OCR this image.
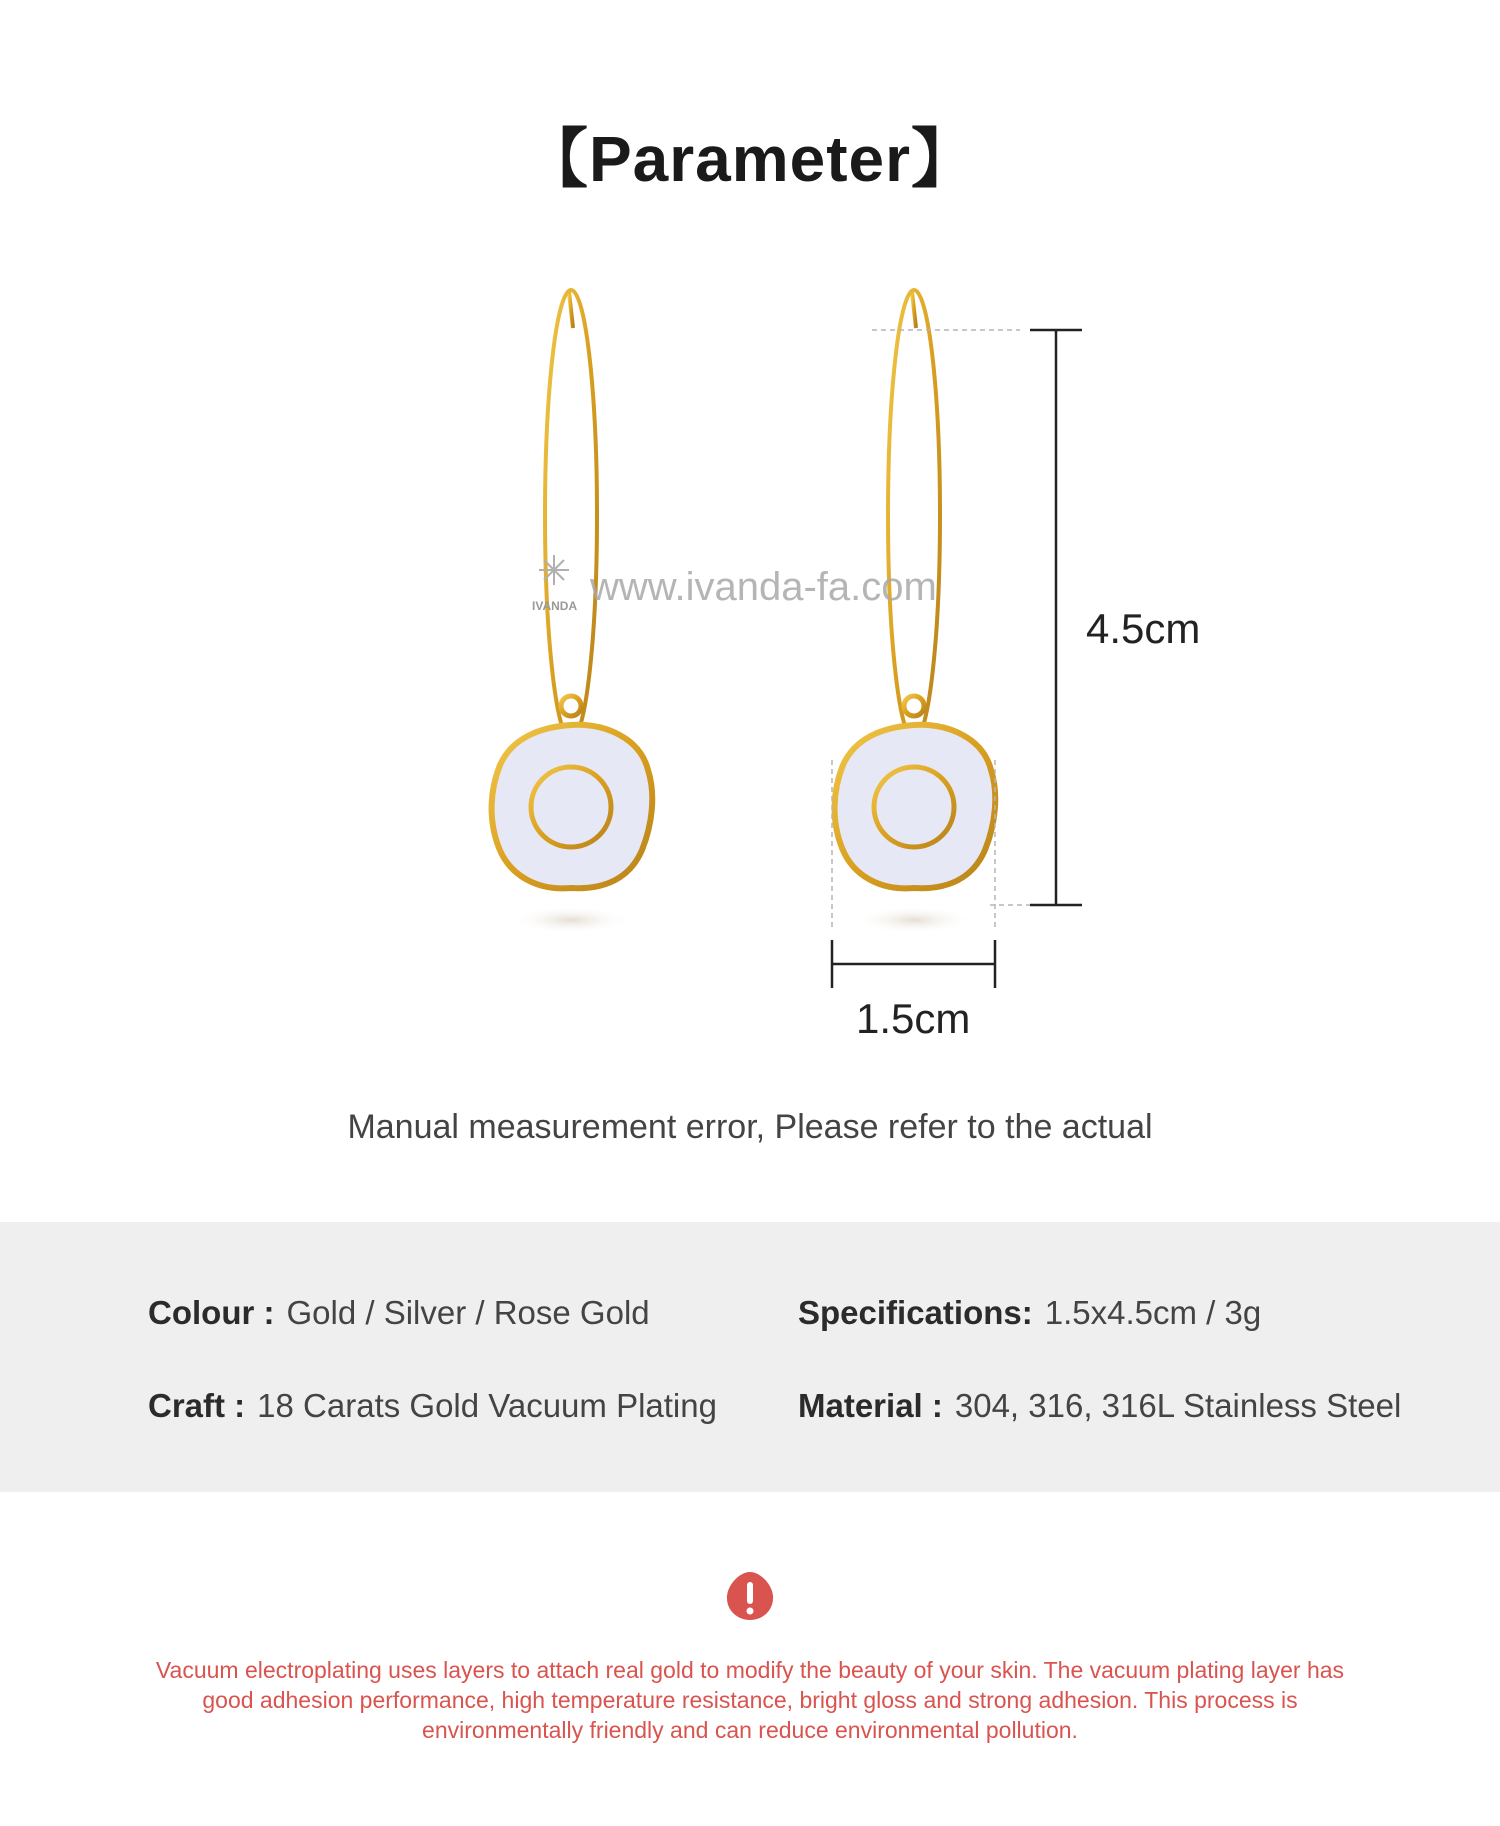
【Parameter】
IVANDA www.ivanda-fa.com
4.5cm
1.5cm
Manual measurement error, Please refer to the actual
Colour : Gold / Silver / Rose Gold	Specifications: 1.5x4.5cm / 3g
Craft : 18 Carats Gold Vacuum Plating Material : 304, 316, 316L Stainless Steel
Vacuum electroplating uses layers to attach real gold to modify the beauty of your skin. The vacuum plating layer has good adhesion performance, high temperature resistance, bright gloss and strong adhesion. This process is environmentally friendly and can reduce environmental pollution.
